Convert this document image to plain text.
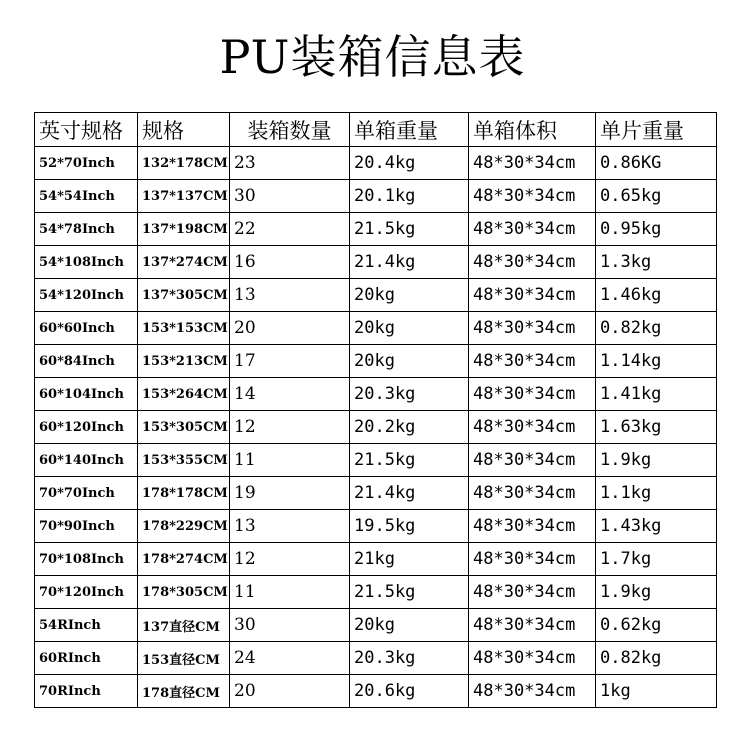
PU装箱信息表
英寸规格	规格	装箱数量	单箱重量	单箱体积	单片重量
52*70Inch	132*178CM	23	20.4kg	48*30*34cm	0.86KG
54*54Inch	137*137CM	30	20.1kg	48*30*34cm	0.65kg
54*78Inch	137*198CM	22	21.5kg	48*30*34cm	0.95kg
54*108Inch	137*274CM	16	21.4kg	48*30*34cm	1.3kg
54*120Inch	137*305CM	13	20kg	48*30*34cm	1.46kg
60*60Inch	153*153CM	20	20kg	48*30*34cm	0.82kg
60*84Inch	153*213CM	17	20kg	48*30*34cm	1.14kg
60*104Inch	153*264CM	14	20.3kg	48*30*34cm	1.41kg
60*120Inch	153*305CM	12	20.2kg	48*30*34cm	1.63kg
60*140Inch	153*355CM	11	21.5kg	48*30*34cm	1.9kg
70*70Inch	178*178CM	19	21.4kg	48*30*34cm	1.1kg
70*90Inch	178*229CM	13	19.5kg	48*30*34cm	1.43kg
70*108Inch	178*274CM	12	21kg	48*30*34cm	1.7kg
70*120Inch	178*305CM	11	21.5kg	48*30*34cm	1.9kg
54RInch	137直径CM	30	20kg	48*30*34cm	0.62kg
60RInch	153直径CM	24	20.3kg	48*30*34cm	0.82kg
70RInch	178直径CM	20	20.6kg	48*30*34cm	1kg
